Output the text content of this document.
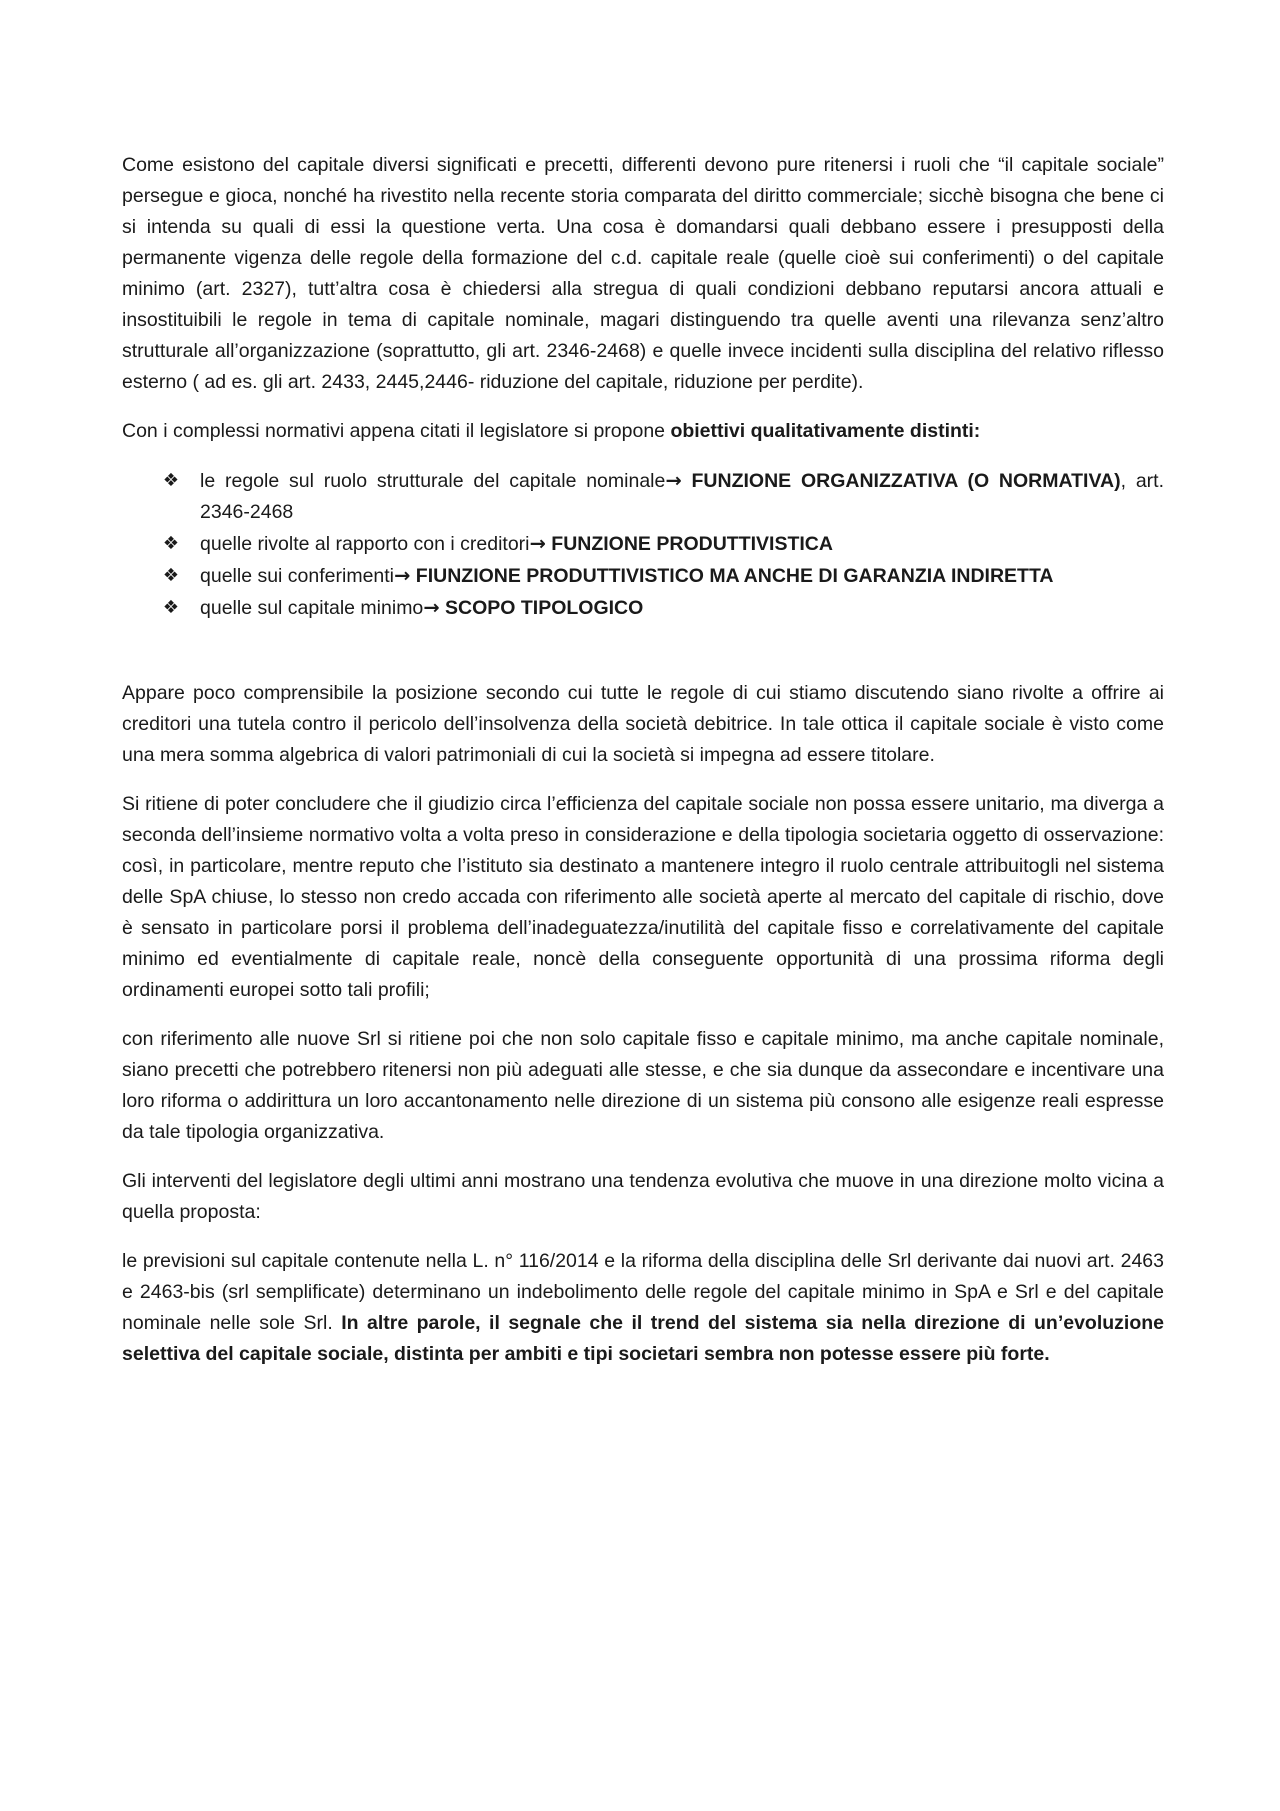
Come esistono del capitale diversi significati e precetti, differenti devono pure ritenersi i ruoli che “il capitale sociale” persegue e gioca, nonché ha rivestito nella recente storia comparata del diritto commerciale; sicchè bisogna che bene ci si intenda su quali di essi la questione verta. Una cosa è domandarsi quali debbano essere i presupposti della permanente vigenza delle regole della formazione del c.d. capitale reale (quelle cioè sui conferimenti) o del capitale minimo (art. 2327), tutt’altra cosa è chiedersi alla stregua di quali condizioni debbano reputarsi ancora attuali e insostituibili le regole in tema di capitale nominale, magari distinguendo tra quelle aventi una rilevanza senz’altro strutturale all’organizzazione (soprattutto, gli art. 2346-2468) e quelle invece incidenti sulla disciplina del relativo riflesso esterno ( ad es. gli art. 2433, 2445,2446- riduzione del capitale, riduzione per perdite).

Con i complessi normativi appena citati il legislatore si propone obiettivi qualitativamente distinti:

❖ le regole sul ruolo strutturale del capitale nominale→ FUNZIONE ORGANIZZATIVA (O NORMATIVA), art. 2346-2468
❖ quelle rivolte al rapporto con i creditori→ FUNZIONE PRODUTTIVISTICA
❖ quelle sui conferimenti→ FIUNZIONE PRODUTTIVISTICO MA ANCHE DI GARANZIA INDIRETTA
❖ quelle sul capitale minimo→ SCOPO TIPOLOGICO

Appare poco comprensibile la posizione secondo cui tutte le regole di cui stiamo discutendo siano rivolte a offrire ai creditori una tutela contro il pericolo dell’insolvenza della società debitrice. In tale ottica il capitale sociale è visto come una mera somma algebrica di valori patrimoniali di cui la società si impegna ad essere titolare.

Si ritiene di poter concludere che il giudizio circa l’efficienza del capitale sociale non possa essere unitario, ma diverga a seconda dell’insieme normativo volta a volta preso in considerazione e della tipologia societaria oggetto di osservazione: così, in particolare, mentre reputo che l’istituto sia destinato a mantenere integro il ruolo centrale attribuitogli nel sistema delle SpA chiuse, lo stesso non credo accada con riferimento alle società aperte al mercato del capitale di rischio, dove è sensato in particolare porsi il problema dell’inadeguatezza/inutilità del capitale fisso e correlativamente del capitale minimo ed eventialmente di capitale reale, noncè della conseguente opportunità di una prossima riforma degli ordinamenti europei sotto tali profili;

con riferimento alle nuove Srl si ritiene poi che non solo capitale fisso e capitale minimo, ma anche capitale nominale, siano precetti che potrebbero ritenersi non più adeguati alle stesse, e che sia dunque da assecondare e incentivare una loro riforma o addirittura un loro accantonamento nelle direzione di un sistema più consono alle esigenze reali espresse da tale tipologia organizzativa.

Gli interventi del legislatore degli ultimi anni mostrano una tendenza evolutiva che muove in una direzione molto vicina a quella proposta:

le previsioni sul capitale contenute nella L. n° 116/2014 e la riforma della disciplina delle Srl derivante dai nuovi art. 2463 e 2463-bis (srl semplificate) determinano un indebolimento delle regole del capitale minimo in SpA e Srl e del capitale nominale nelle sole Srl. In altre parole, il segnale che il trend del sistema sia nella direzione di un’evoluzione selettiva del capitale sociale, distinta per ambiti e tipi societari sembra non potesse essere più forte.
